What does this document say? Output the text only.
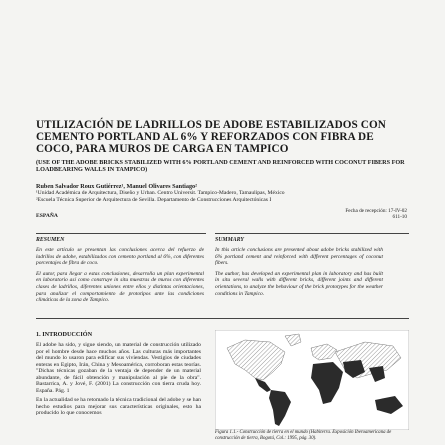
UTILIZACIÓN DE LADRILLOS DE ADOBE ESTABILIZADOS CON CEMENTO PORTLAND AL 6% Y REFORZADOS CON FIBRA DE COCO, PARA MUROS DE CARGA EN TAMPICO
(USE OF THE ADOBE BRICKS STABILIZED WITH 6% PORTLAND CEMENT AND REINFORCED WITH COCONUT FIBERS FOR LOADBEARING WALLS IN TAMPICO)
Ruben Salvador Roux Gutiérrez¹, Manuel Olivares Santiago²
¹Unidad Académica de Arquitectura, Diseño y Urban. Centro Universit. Tampico-Madero, Tamaulipas, México
²Escuela Técnica Superior de Arquitectura de Sevilla. Departamento de Construcciones Arquitectónicas I
Fecha de recepción: 17-IV-02
611-10
ESPAÑA
RESUMEN	SUMMARY

En este artículo se presentan las conclusiones acerca del refuerzo de ladrillos de adobe, estabilizados con cemento portland al 6%, con diferentes porcentajes de fibra de coco.

El autor, para llegar a estas conclusiones, desarrolla un plan experimental en laboratorio así como construye in situ muestras de muros con diferentes clases de ladrillos, diferentes uniones entre ellos y distintas orientaciones, para analizar el comportamiento de prototipos ante las condiciones climáticas de la zona de Tampico.

In this article conclusions are presented about adobe bricks stabilized with 6% portland cement and reinforced with different percentages of coconut fibers.

The author, has developed an experimental plan in laboratory and has built in situ several walls with different bricks, different joints and different orientations, to analyze the behaviour of the brick prototypes for the weather conditions in Tampico.

1. INTRODUCCIÓN

El adobe ha sido, y sigue siendo, un material de construcción utilizado por el hombre desde hace muchos años. Las culturas más importantes del mundo lo usaron para edificar sus viviendas. Vestigios de ciudades enteras en Egipto, Irán, China y Mesoamérica, corroboran estas teorías. "Dichas técnicas gozaban de la ventaja de depender de un material abundante, de fácil obtención y manipulación al pie de la obra". Bastarrica, A. y Jové, F. (2001) La construcción con tierra cruda hoy. España. Pág. 1

En la actualidad se ha retomado la técnica tradicional del adobe y se han hecho estudios para mejorar sus características originales, esto ha producido lo que conocemos

Figura 1.1.- Construcción de tierra en el mundo (Habiterra. Exposición Iberoamericana de construcción de tierra, Bogotá, Col.: 1995, pág. 30).
